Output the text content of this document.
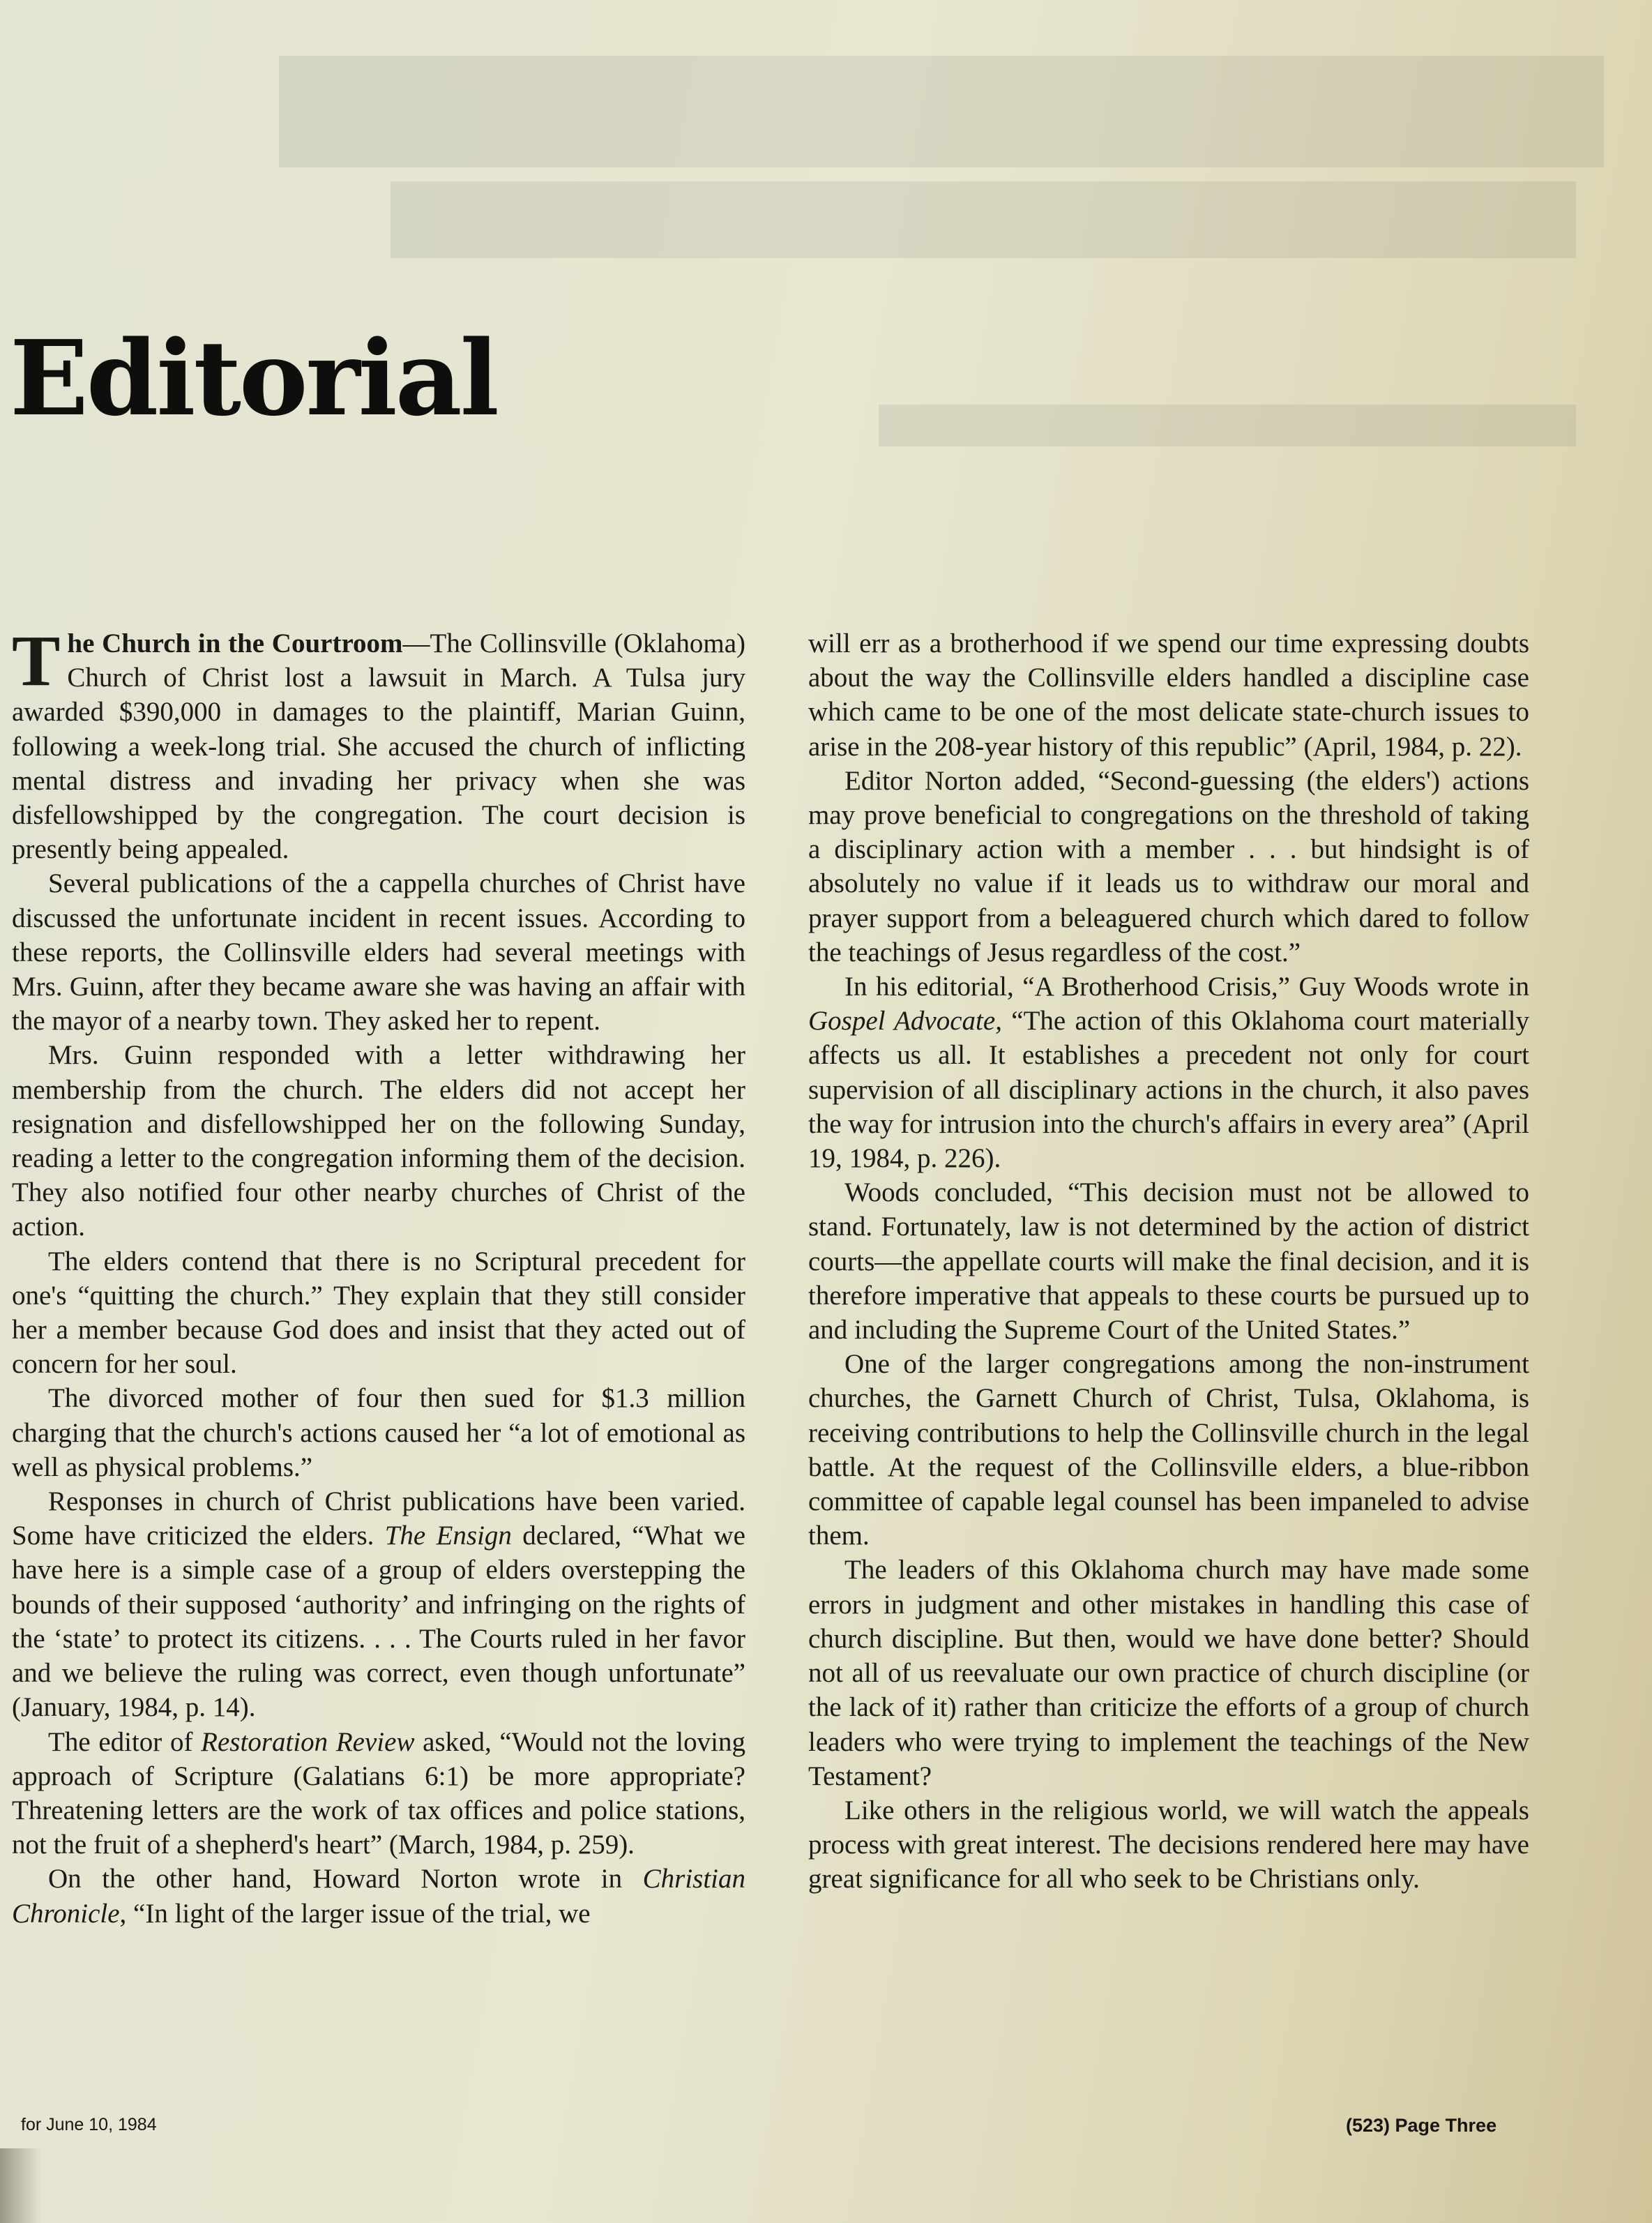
Editorial

The Church in the Courtroom—The Collinsville (Oklahoma) Church of Christ lost a lawsuit in March. A Tulsa jury awarded $390,000 in damages to the plaintiff, Marian Guinn, following a week-long trial. She accused the church of inflicting mental distress and invading her privacy when she was disfellowshipped by the congregation. The court decision is presently being appealed.

Several publications of the a cappella churches of Christ have discussed the unfortunate incident in recent issues. According to these reports, the Collinsville elders had several meetings with Mrs. Guinn, after they became aware she was having an affair with the mayor of a nearby town. They asked her to repent.

Mrs. Guinn responded with a letter withdrawing her membership from the church. The elders did not accept her resignation and disfellowshipped her on the following Sunday, reading a letter to the congregation informing them of the decision. They also notified four other nearby churches of Christ of the action.

The elders contend that there is no Scriptural precedent for one's “quitting the church.” They explain that they still consider her a member because God does and insist that they acted out of concern for her soul.

The divorced mother of four then sued for $1.3 million charging that the church's actions caused her “a lot of emotional as well as physical problems.”

Responses in church of Christ publications have been varied. Some have criticized the elders. The Ensign declared, “What we have here is a simple case of a group of elders overstepping the bounds of their supposed ‘authority’ and infringing on the rights of the ‘state’ to protect its citizens. . . . The Courts ruled in her favor and we believe the ruling was correct, even though unfortunate” (January, 1984, p. 14).

The editor of Restoration Review asked, “Would not the loving approach of Scripture (Galatians 6:1) be more appropriate? Threatening letters are the work of tax offices and police stations, not the fruit of a shepherd's heart” (March, 1984, p. 259).

On the other hand, Howard Norton wrote in Christian Chronicle, “In light of the larger issue of the trial, we

will err as a brotherhood if we spend our time expressing doubts about the way the Collinsville elders handled a discipline case which came to be one of the most delicate state-church issues to arise in the 208-year history of this republic” (April, 1984, p. 22).

Editor Norton added, “Second-guessing (the elders') actions may prove beneficial to congregations on the threshold of taking a disciplinary action with a member . . . but hindsight is of absolutely no value if it leads us to withdraw our moral and prayer support from a beleaguered church which dared to follow the teachings of Jesus regardless of the cost.”

In his editorial, “A Brotherhood Crisis,” Guy Woods wrote in Gospel Advocate, “The action of this Oklahoma court materially affects us all. It establishes a precedent not only for court supervision of all disciplinary actions in the church, it also paves the way for intrusion into the church's affairs in every area” (April 19, 1984, p. 226).

Woods concluded, “This decision must not be allowed to stand. Fortunately, law is not determined by the action of district courts—the appellate courts will make the final decision, and it is therefore imperative that appeals to these courts be pursued up to and including the Supreme Court of the United States.”

One of the larger congregations among the non-instrument churches, the Garnett Church of Christ, Tulsa, Oklahoma, is receiving contributions to help the Collinsville church in the legal battle. At the request of the Collinsville elders, a blue-ribbon committee of capable legal counsel has been impaneled to advise them.

The leaders of this Oklahoma church may have made some errors in judgment and other mistakes in handling this case of church discipline. But then, would we have done better? Should not all of us reevaluate our own practice of church discipline (or the lack of it) rather than criticize the efforts of a group of church leaders who were trying to implement the teachings of the New Testament?

Like others in the religious world, we will watch the appeals process with great interest. The decisions rendered here may have great significance for all who seek to be Christians only.

for June 10, 1984	(523) Page Three
